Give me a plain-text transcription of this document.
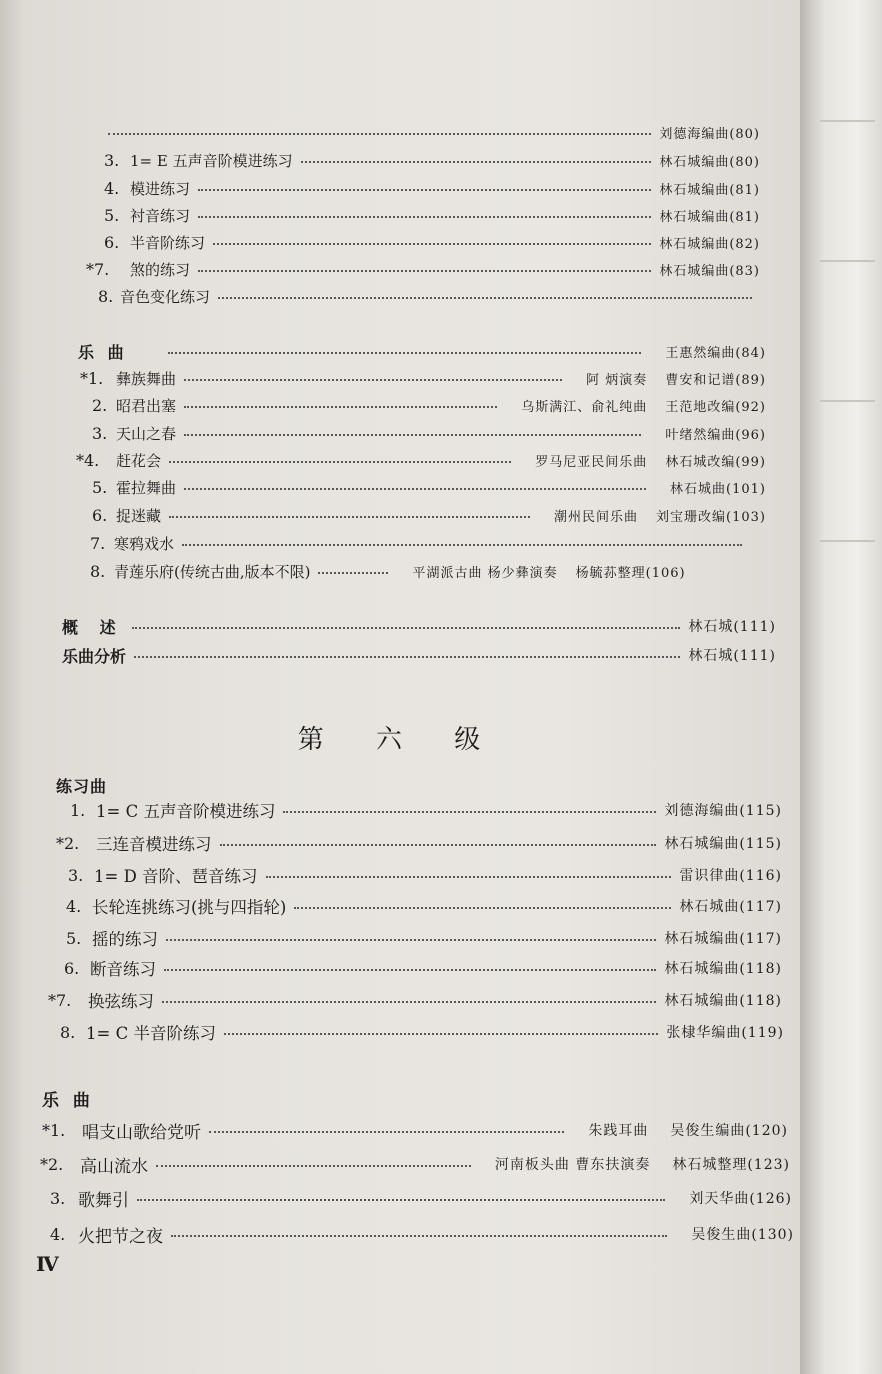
刘德海编曲(80)
3. 1= E 五声音阶模进练习	林石城编曲(80)
4. 模进练习	林石城编曲(81)
5. 衬音练习	林石城编曲(81)
6. 半音阶练习	林石城编曲(82)
*7.	煞的练习	林石城编曲(83)
8. 音色变化练习
乐 曲	王惠然编曲(84)
*1. 彝族舞曲	阿 炳演奏 曹安和记谱(89)
2. 昭君出塞	乌斯满江、俞礼纯曲 王范地改编(92)
3. 天山之春	叶绪然编曲(96)
*4.	赶花会	罗马尼亚民间乐曲 林石城改编(99)
5. 霍拉舞曲	林石城曲(101)
6. 捉迷藏	潮州民间乐曲 刘宝珊改编(103)
7. 寒鸦戏水
8. 青莲乐府(传统古曲,版本不限)	平湖派古曲 杨少彝演奏 杨毓荪整理(106)
概 述	林石城(111)
乐曲分析	林石城(111)
第 六 级
练习曲
1. 1= C 五声音阶模进练习	刘德海编曲(115)
*2.	三连音模进练习	林石城编曲(115)
3. 1= D 音阶、琶音练习	雷识律曲(116)
4. 长轮连挑练习(挑与四指轮)	林石城曲(117)
5. 摇的练习	林石城编曲(117)
6. 断音练习	林石城编曲(118)
*7.	换弦练习	林石城编曲(118)
8. 1= C 半音阶练习	张棣华编曲(119)
乐 曲
*1. 唱支山歌给党听	朱践耳曲 吴俊生编曲(120)
*2. 高山流水	河南板头曲 曹东扶演奏 林石城整理(123)
3. 歌舞引	刘天华曲(126)
4. 火把节之夜	吴俊生曲(130)
Ⅳ
